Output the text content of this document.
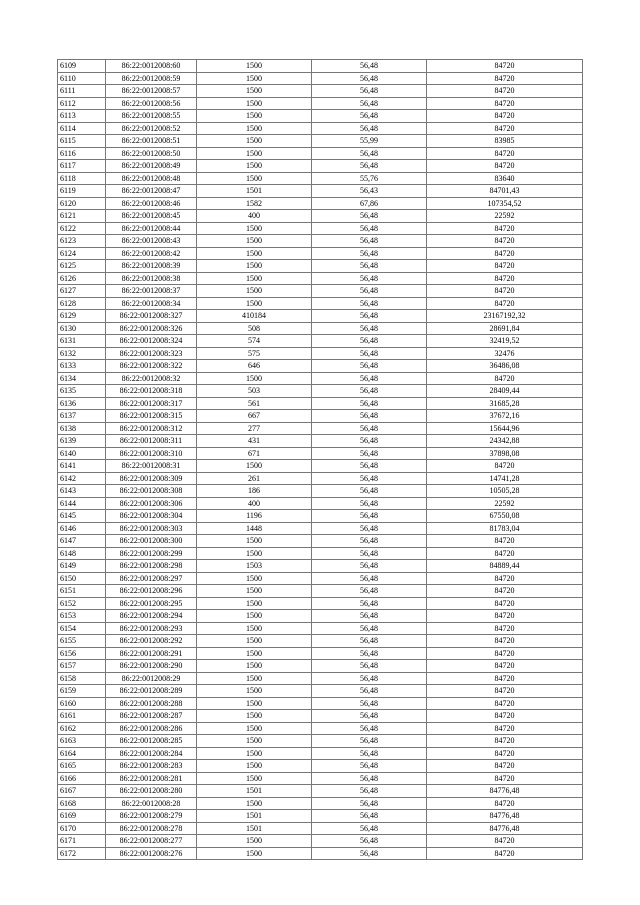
6109	86:22:0012008:60	1500	56,48	84720
6110	86:22:0012008:59	1500	56,48	84720
6111	86:22:0012008:57	1500	56,48	84720
6112	86:22:0012008:56	1500	56,48	84720
6113	86:22:0012008:55	1500	56,48	84720
6114	86:22:0012008:52	1500	56,48	84720
6115	86:22:0012008:51	1500	55,99	83985
6116	86:22:0012008:50	1500	56,48	84720
6117	86:22:0012008:49	1500	56,48	84720
6118	86:22:0012008:48	1500	55,76	83640
6119	86:22:0012008:47	1501	56,43	84701,43
6120	86:22:0012008:46	1582	67,86	107354,52
6121	86:22:0012008:45	400	56,48	22592
6122	86:22:0012008:44	1500	56,48	84720
6123	86:22:0012008:43	1500	56,48	84720
6124	86:22:0012008:42	1500	56,48	84720
6125	86:22:0012008:39	1500	56,48	84720
6126	86:22:0012008:38	1500	56,48	84720
6127	86:22:0012008:37	1500	56,48	84720
6128	86:22:0012008:34	1500	56,48	84720
6129	86:22:0012008:327	410184	56,48	23167192,32
6130	86:22:0012008:326	508	56,48	28691,84
6131	86:22:0012008:324	574	56,48	32419,52
6132	86:22:0012008:323	575	56,48	32476
6133	86:22:0012008:322	646	56,48	36486,08
6134	86:22:0012008:32	1500	56,48	84720
6135	86:22:0012008:318	503	56,48	28409,44
6136	86:22:0012008:317	561	56,48	31685,28
6137	86:22:0012008:315	667	56,48	37672,16
6138	86:22:0012008:312	277	56,48	15644,96
6139	86:22:0012008:311	431	56,48	24342,88
6140	86:22:0012008:310	671	56,48	37898,08
6141	86:22:0012008:31	1500	56,48	84720
6142	86:22:0012008:309	261	56,48	14741,28
6143	86:22:0012008:308	186	56,48	10505,28
6144	86:22:0012008:306	400	56,48	22592
6145	86:22:0012008:304	1196	56,48	67550,08
6146	86:22:0012008:303	1448	56,48	81783,04
6147	86:22:0012008:300	1500	56,48	84720
6148	86:22:0012008:299	1500	56,48	84720
6149	86:22:0012008:298	1503	56,48	84889,44
6150	86:22:0012008:297	1500	56,48	84720
6151	86:22:0012008:296	1500	56,48	84720
6152	86:22:0012008:295	1500	56,48	84720
6153	86:22:0012008:294	1500	56,48	84720
6154	86:22:0012008:293	1500	56,48	84720
6155	86:22:0012008:292	1500	56,48	84720
6156	86:22:0012008:291	1500	56,48	84720
6157	86:22:0012008:290	1500	56,48	84720
6158	86:22:0012008:29	1500	56,48	84720
6159	86:22:0012008:289	1500	56,48	84720
6160	86:22:0012008:288	1500	56,48	84720
6161	86:22:0012008:287	1500	56,48	84720
6162	86:22:0012008:286	1500	56,48	84720
6163	86:22:0012008:285	1500	56,48	84720
6164	86:22:0012008:284	1500	56,48	84720
6165	86:22:0012008:283	1500	56,48	84720
6166	86:22:0012008:281	1500	56,48	84720
6167	86:22:0012008:280	1501	56,48	84776,48
6168	86:22:0012008:28	1500	56,48	84720
6169	86:22:0012008:279	1501	56,48	84776,48
6170	86:22:0012008:278	1501	56,48	84776,48
6171	86:22:0012008:277	1500	56,48	84720
6172	86:22:0012008:276	1500	56,48	84720
